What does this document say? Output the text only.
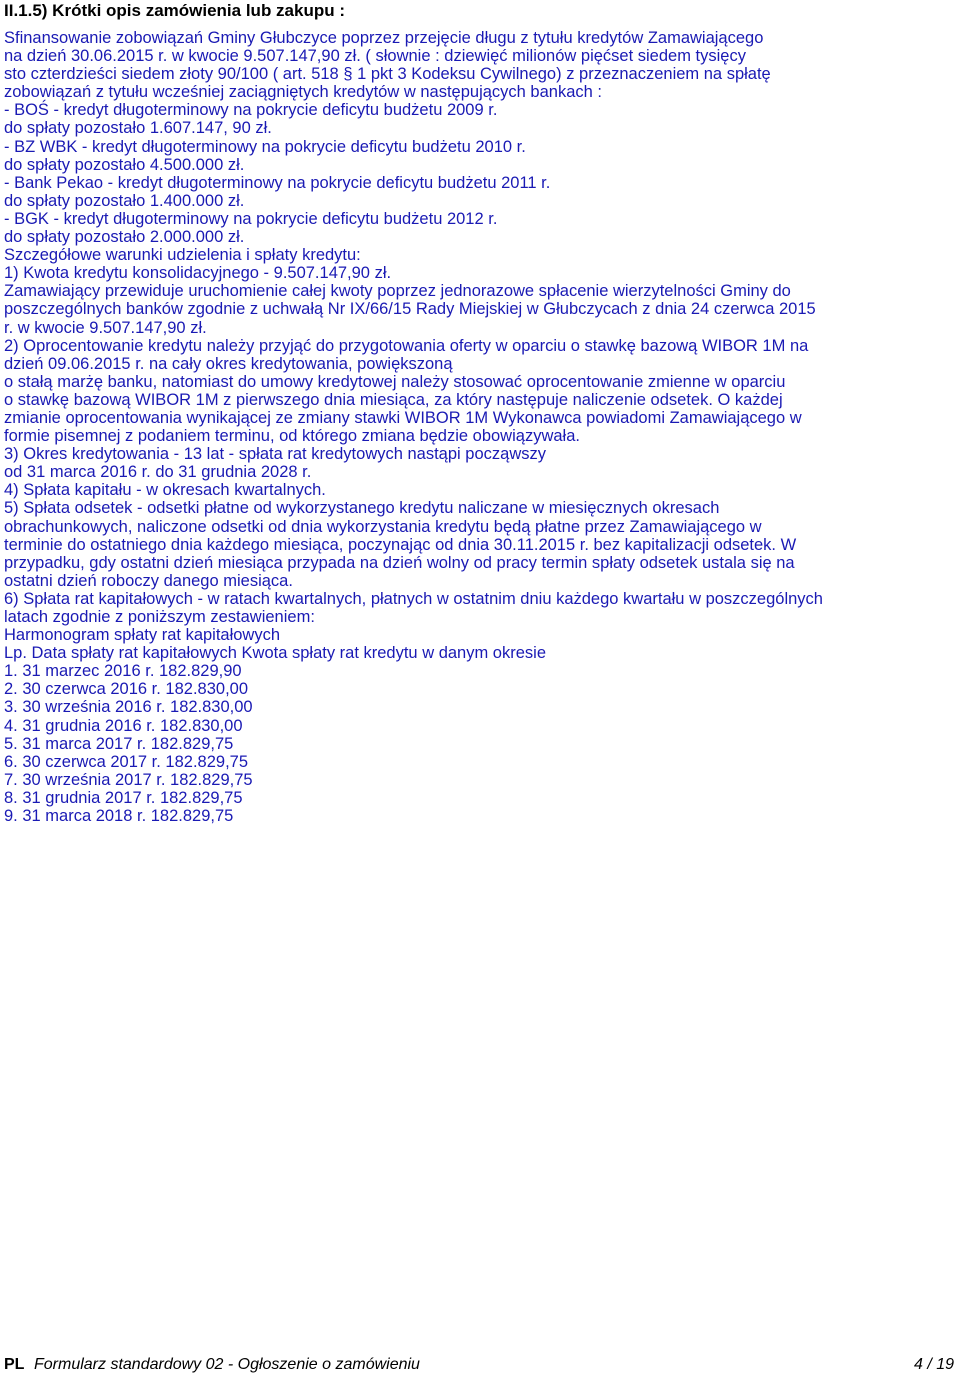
II.1.5) Krótki opis zamówienia lub zakupu :
Sfinansowanie zobowiązań Gminy Głubczyce poprzez przejęcie długu z tytułu kredytów Zamawiającego
na dzień 30.06.2015 r. w kwocie 9.507.147,90 zł. ( słownie : dziewięć milionów pięćset siedem tysięcy
sto czterdzieści siedem złoty 90/100 ( art. 518 § 1 pkt 3 Kodeksu Cywilnego) z przeznaczeniem na spłatę
zobowiązań z tytułu wcześniej zaciągniętych kredytów w następujących bankach :
- BOŚ - kredyt długoterminowy na pokrycie deficytu budżetu 2009 r.
do spłaty pozostało 1.607.147, 90 zł.
- BZ WBK - kredyt długoterminowy na pokrycie deficytu budżetu 2010 r.
do spłaty pozostało 4.500.000 zł.
- Bank Pekao - kredyt długoterminowy na pokrycie deficytu budżetu 2011 r.
do spłaty pozostało 1.400.000 zł.
- BGK - kredyt długoterminowy na pokrycie deficytu budżetu 2012 r.
do spłaty pozostało 2.000.000 zł.
Szczegółowe warunki udzielenia i spłaty kredytu:
1) Kwota kredytu konsolidacyjnego - 9.507.147,90 zł.
Zamawiający przewiduje uruchomienie całej kwoty poprzez jednorazowe spłacenie wierzytelności Gminy do
poszczególnych banków zgodnie z uchwałą Nr IX/66/15 Rady Miejskiej w Głubczycach z dnia 24 czerwca 2015
r. w kwocie 9.507.147,90 zł.
2) Oprocentowanie kredytu należy przyjąć do przygotowania oferty w oparciu o stawkę bazową WIBOR 1M na
dzień 09.06.2015 r. na cały okres kredytowania, powiększoną
o stałą marżę banku, natomiast do umowy kredytowej należy stosować oprocentowanie zmienne w oparciu
o stawkę bazową WIBOR 1M z pierwszego dnia miesiąca, za który następuje naliczenie odsetek. O każdej
zmianie oprocentowania wynikającej ze zmiany stawki WIBOR 1M Wykonawca powiadomi Zamawiającego w
formie pisemnej z podaniem terminu, od którego zmiana będzie obowiązywała.
3) Okres kredytowania - 13 lat - spłata rat kredytowych nastąpi począwszy
od 31 marca 2016 r. do 31 grudnia 2028 r.
4) Spłata kapitału - w okresach kwartalnych.
5) Spłata odsetek - odsetki płatne od wykorzystanego kredytu naliczane w miesięcznych okresach
obrachunkowych, naliczone odsetki od dnia wykorzystania kredytu będą płatne przez Zamawiającego w
terminie do ostatniego dnia każdego miesiąca, poczynając od dnia 30.11.2015 r. bez kapitalizacji odsetek. W
przypadku, gdy ostatni dzień miesiąca przypada na dzień wolny od pracy termin spłaty odsetek ustala się na
ostatni dzień roboczy danego miesiąca.
6) Spłata rat kapitałowych - w ratach kwartalnych, płatnych w ostatnim dniu każdego kwartału w poszczególnych
latach zgodnie z poniższym zestawieniem:
Harmonogram spłaty rat kapitałowych
Lp. Data spłaty rat kapitałowych Kwota spłaty rat kredytu w danym okresie
1. 31 marzec 2016 r. 182.829,90
2. 30 czerwca 2016 r. 182.830,00
3. 30 września 2016 r. 182.830,00
4. 31 grudnia 2016 r. 182.830,00
5. 31 marca 2017 r. 182.829,75
6. 30 czerwca 2017 r. 182.829,75
7. 30 września 2017 r. 182.829,75
8. 31 grudnia 2017 r. 182.829,75
9. 31 marca 2018 r. 182.829,75
PL Formularz standardowy 02 - Ogłoszenie o zamówieniu	4 / 19
